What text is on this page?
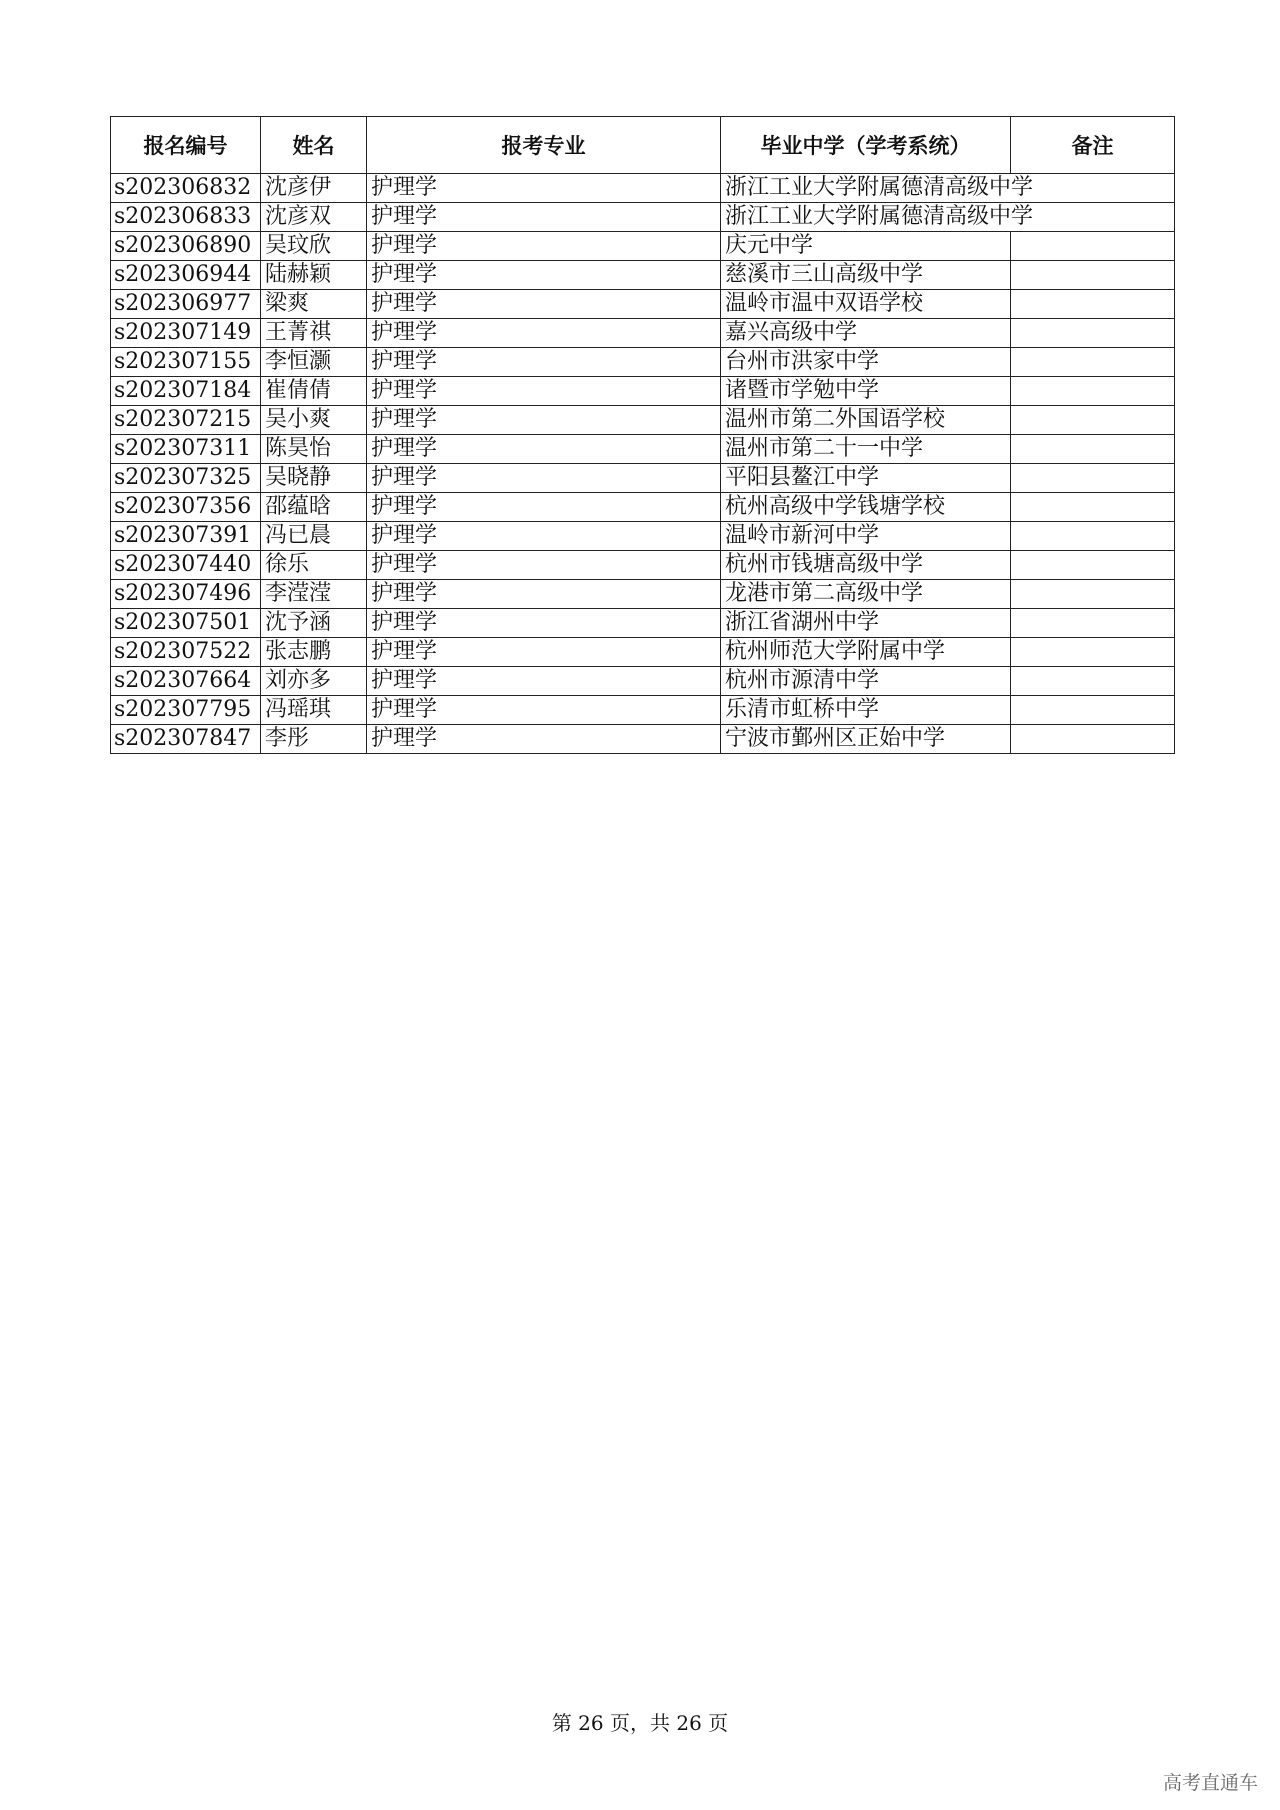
报名编号	姓名	报考专业	毕业中学（学考系统）	备注
s202306832	沈彦伊	护理学	浙江工业大学附属德清高级中学	
s202306833	沈彦双	护理学	浙江工业大学附属德清高级中学	
s202306890	吴玟欣	护理学	庆元中学	
s202306944	陆赫颖	护理学	慈溪市三山高级中学	
s202306977	梁爽	护理学	温岭市温中双语学校	
s202307149	王菁祺	护理学	嘉兴高级中学	
s202307155	李恒灏	护理学	台州市洪家中学	
s202307184	崔倩倩	护理学	诸暨市学勉中学	
s202307215	吴小爽	护理学	温州市第二外国语学校	
s202307311	陈昊怡	护理学	温州市第二十一中学	
s202307325	吴晓静	护理学	平阳县鳌江中学	
s202307356	邵蕴晗	护理学	杭州高级中学钱塘学校	
s202307391	冯已晨	护理学	温岭市新河中学	
s202307440	徐乐	护理学	杭州市钱塘高级中学	
s202307496	李滢滢	护理学	龙港市第二高级中学	
s202307501	沈予涵	护理学	浙江省湖州中学	
s202307522	张志鹏	护理学	杭州师范大学附属中学	
s202307664	刘亦多	护理学	杭州市源清中学	
s202307795	冯瑶琪	护理学	乐清市虹桥中学	
s202307847	李彤	护理学	宁波市鄞州区正始中学	
第 26 页，共 26 页
高考直通车
